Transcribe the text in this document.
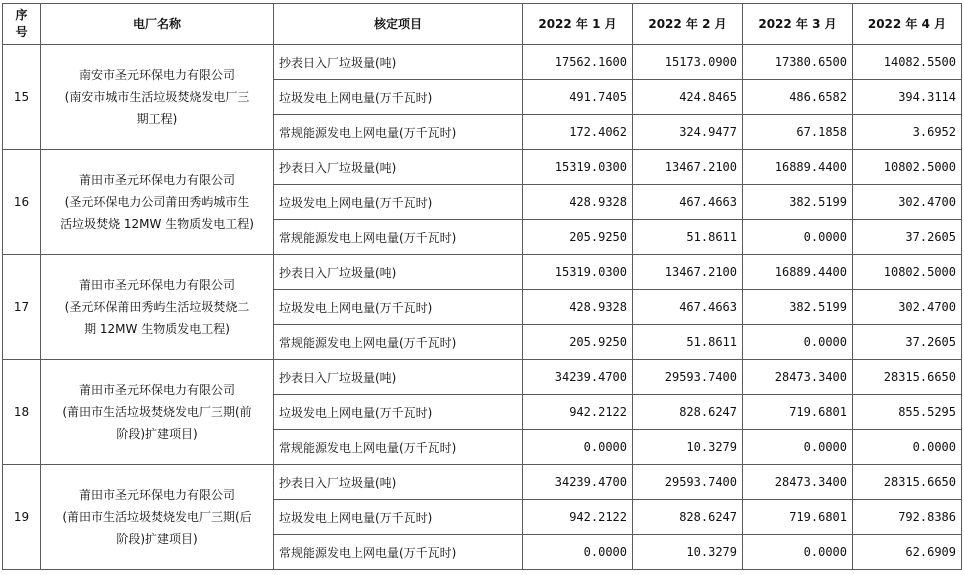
序
号	电厂名称	核定项目	2022 年 1 月	2022 年 2 月	2022 年 3 月	2022 年 4 月
15	南安市圣元环保电力有限公司
(南安市城市生活垃圾焚烧发电厂三
期工程)	抄表日入厂垃圾量(吨)	17562.1600	15173.0900	17380.6500	14082.5500
		垃圾发电上网电量(万千瓦时)	491.7405	424.8465	486.6582	394.3114
		常规能源发电上网电量(万千瓦时)	172.4062	324.9477	67.1858	3.6952
16	莆田市圣元环保电力有限公司
(圣元环保电力公司莆田秀屿城市生
活垃圾焚烧 12MW 生物质发电工程)	抄表日入厂垃圾量(吨)	15319.0300	13467.2100	16889.4400	10802.5000
		垃圾发电上网电量(万千瓦时)	428.9328	467.4663	382.5199	302.4700
		常规能源发电上网电量(万千瓦时)	205.9250	51.8611	0.0000	37.2605
17	莆田市圣元环保电力有限公司
(圣元环保莆田秀屿生活垃圾焚烧二
期 12MW 生物质发电工程)	抄表日入厂垃圾量(吨)	15319.0300	13467.2100	16889.4400	10802.5000
		垃圾发电上网电量(万千瓦时)	428.9328	467.4663	382.5199	302.4700
		常规能源发电上网电量(万千瓦时)	205.9250	51.8611	0.0000	37.2605
18	莆田市圣元环保电力有限公司
(莆田市生活垃圾焚烧发电厂三期(前
阶段)扩建项目)	抄表日入厂垃圾量(吨)	34239.4700	29593.7400	28473.3400	28315.6650
		垃圾发电上网电量(万千瓦时)	942.2122	828.6247	719.6801	855.5295
		常规能源发电上网电量(万千瓦时)	0.0000	10.3279	0.0000	0.0000
19	莆田市圣元环保电力有限公司
(莆田市生活垃圾焚烧发电厂三期(后
阶段)扩建项目)	抄表日入厂垃圾量(吨)	34239.4700	29593.7400	28473.3400	28315.6650
		垃圾发电上网电量(万千瓦时)	942.2122	828.6247	719.6801	792.8386
		常规能源发电上网电量(万千瓦时)	0.0000	10.3279	0.0000	62.6909
